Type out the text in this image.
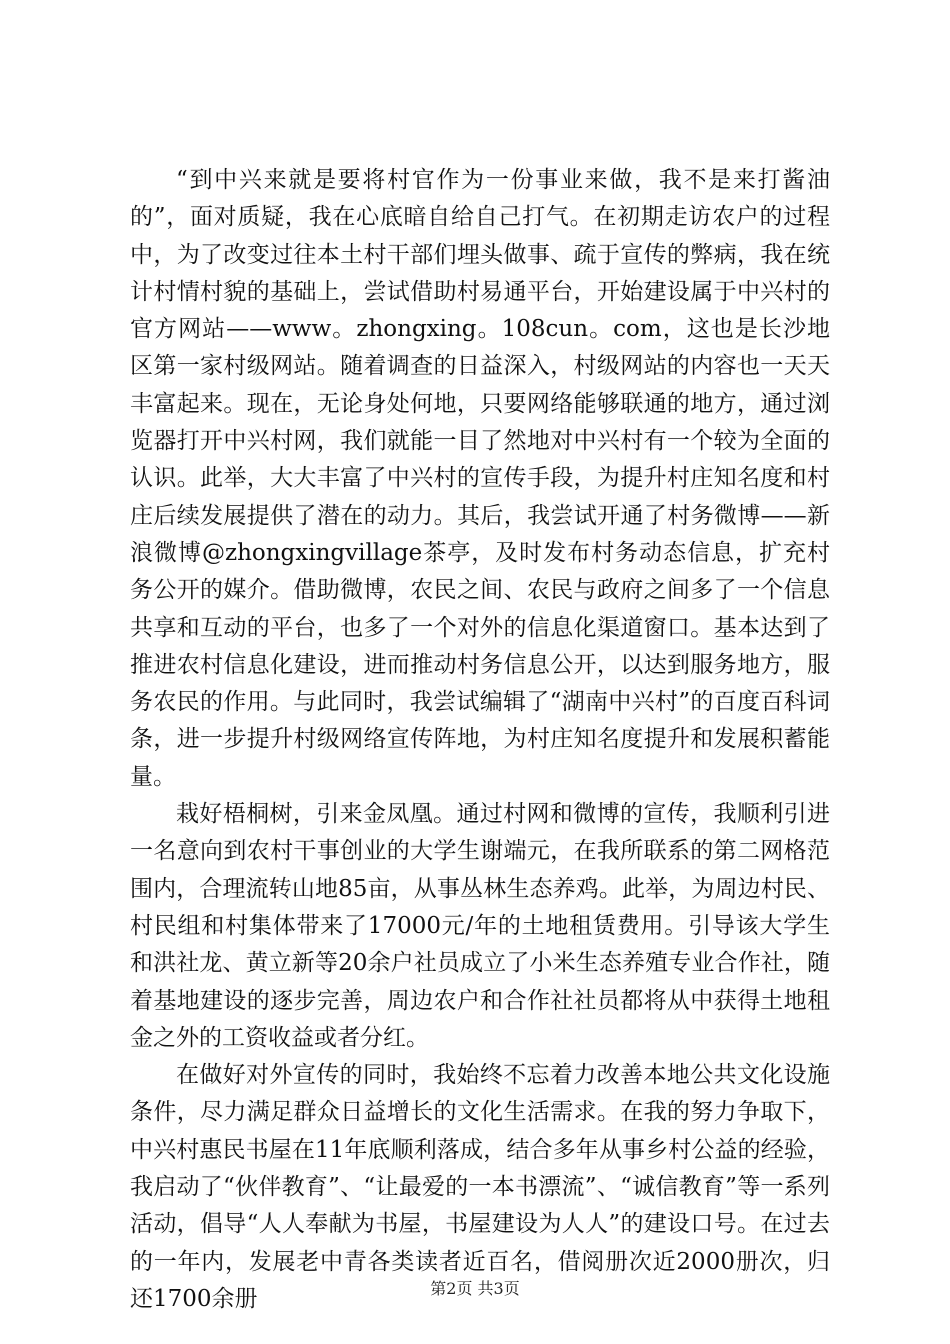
“到中兴来就是要将村官作为一份事业来做，我不是来打酱油的”，面对质疑，我在心底暗自给自己打气。在初期走访农户的过程中，为了改变过往本土村干部们埋头做事、疏于宣传的弊病，我在统计村情村貌的基础上，尝试借助村易通平台，开始建设属于中兴村的官方网站——www。zhongxing。108cun。com，这也是长沙地区第一家村级网站。随着调查的日益深入，村级网站的内容也一天天丰富起来。现在，无论身处何地，只要网络能够联通的地方，通过浏览器打开中兴村网，我们就能一目了然地对中兴村有一个较为全面的认识。此举，大大丰富了中兴村的宣传手段，为提升村庄知名度和村庄后续发展提供了潜在的动力。其后，我尝试开通了村务微博——新浪微博@zhongxingvillage茶亭，及时发布村务动态信息，扩充村务公开的媒介。借助微博，农民之间、农民与政府之间多了一个信息共享和互动的平台，也多了一个对外的信息化渠道窗口。基本达到了推进农村信息化建设，进而推动村务信息公开，以达到服务地方，服务农民的作用。与此同时，我尝试编辑了“湖南中兴村”的百度百科词条，进一步提升村级网络宣传阵地，为村庄知名度提升和发展积蓄能量。

栽好梧桐树，引来金凤凰。通过村网和微博的宣传，我顺利引进一名意向到农村干事创业的大学生谢端元，在我所联系的第二网格范围内，合理流转山地85亩，从事丛林生态养鸡。此举，为周边村民、村民组和村集体带来了17000元/年的土地租赁费用。引导该大学生和洪社龙、黄立新等20余户社员成立了小米生态养殖专业合作社，随着基地建设的逐步完善，周边农户和合作社社员都将从中获得土地租金之外的工资收益或者分红。

在做好对外宣传的同时，我始终不忘着力改善本地公共文化设施条件，尽力满足群众日益增长的文化生活需求。在我的努力争取下，中兴村惠民书屋在11年底顺利落成，结合多年从事乡村公益的经验，我启动了“伙伴教育”、“让最爱的一本书漂流”、“诚信教育”等一系列活动，倡导“人人奉献为书屋，书屋建设为人人”的建设口号。在过去的一年内，发展老中青各类读者近百名，借阅册次近2000册次，归还1700余册	第2页 共3页
